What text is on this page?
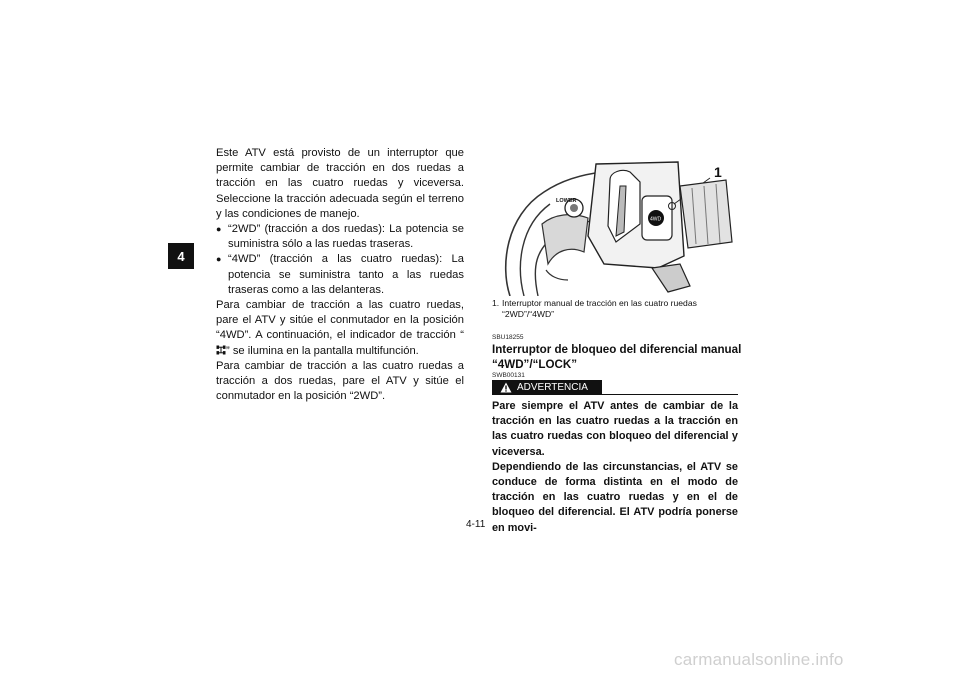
4

Este ATV está provisto de un interruptor que permite cambiar de tracción en dos ruedas a tracción en las cuatro ruedas y viceversa. Seleccione la tracción adecuada según el terreno y las condiciones de manejo.

● “2WD” (tracción a dos ruedas): La potencia se suministra sólo a las ruedas traseras.
● “4WD” (tracción a las cuatro ruedas): La potencia se suministra tanto a las ruedas traseras como a las delanteras.

Para cambiar de tracción a las cuatro ruedas, pare el ATV y sitúe el conmutador en la posición “4WD”. A continuación, el indicador de tracción “” se ilumina en la pantalla multifunción.

Para cambiar de tracción a las cuatro ruedas a tracción a dos ruedas, pare el ATV y sitúe el conmutador en la posición “2WD”.

4WD
LOWER
1
1. Interruptor manual de tracción en las cuatro ruedas
“2WD”/“4WD”
SBU18255
Interruptor de bloqueo del diferencial manual
“4WD”/“LOCK”
SWB00131
ADVERTENCIA

Pare siempre el ATV antes de cambiar de la tracción en las cuatro ruedas a la tracción en las cuatro ruedas con bloqueo del diferencial y viceversa.

Dependiendo de las circunstancias, el ATV se conduce de forma distinta en el modo de tracción en las cuatro ruedas y en el de bloqueo del diferencial. El ATV podría ponerse en movi-

4-11
carmanualsonline.info
